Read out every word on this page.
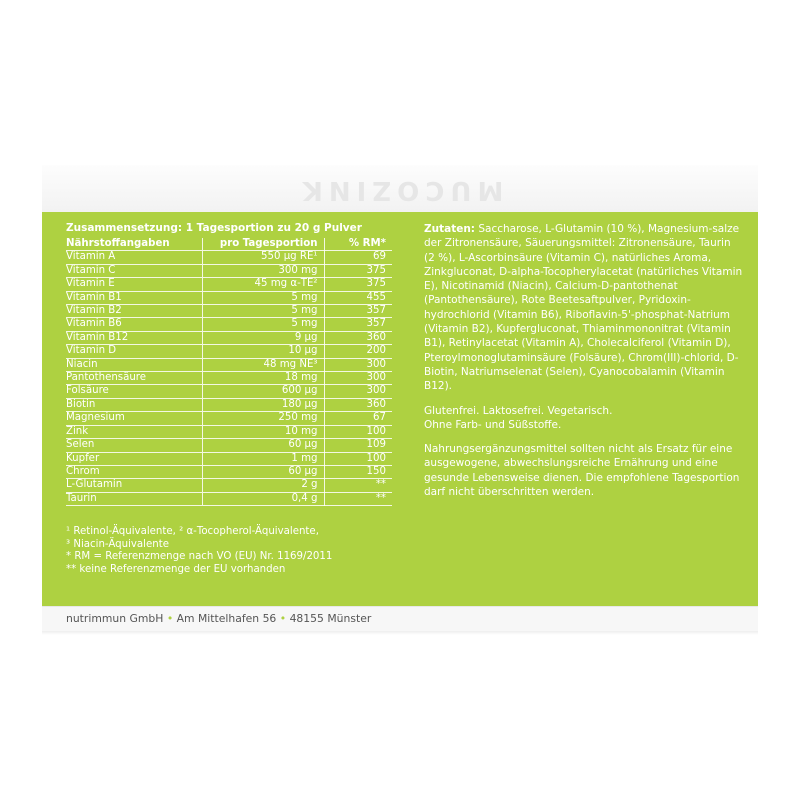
MUCOZINK
Zusammensetzung: 1 Tagesportion zu 20 g Pulver
Nährstoffangaben	pro Tagesportion	% RM*
Vitamin A	550 µg RE¹	69
Vitamin C	300 mg	375
Vitamin E	45 mg α-TE²	375
Vitamin B1	5 mg	455
Vitamin B2	5 mg	357
Vitamin B6	5 mg	357
Vitamin B12	9 µg	360
Vitamin D	10 µg	200
Niacin	48 mg NE³	300
Pantothensäure	18 mg	300
Folsäure	600 µg	300
Biotin	180 µg	360
Magnesium	250 mg	67
Zink	10 mg	100
Selen	60 µg	109
Kupfer	1 mg	100
Chrom	60 µg	150
L-Glutamin	2 g	**
Taurin	0,4 g	**
¹ Retinol-Äquivalente, ² α-Tocopherol-Äquivalente,
³ Niacin-Äquivalente
* RM = Referenzmenge nach VO (EU) Nr. 1169/2011
** keine Referenzmenge der EU vorhanden

Zutaten: Saccharose, L-Glutamin (10 %), Magnesium-salze der Zitronensäure, Säuerungsmittel: Zitronensäure, Taurin (2 %), L-Ascorbinsäure (Vitamin C), natürliches Aroma, Zinkgluconat, D-alpha-Tocopherylacetat (natürliches Vitamin E), Nicotinamid (Niacin), Calcium-D-pantothenat (Pantothensäure), Rote Beetesaftpulver, Pyridoxin-hydrochlorid (Vitamin B6), Riboflavin-5'-phosphat-Natrium (Vitamin B2), Kupfergluconat, Thiaminmononitrat (Vitamin B1), Retinylacetat (Vitamin A), Cholecalciferol (Vitamin D), Pteroylmonoglutaminsäure (Folsäure), Chrom(III)-chlorid, D-Biotin, Natriumselenat (Selen), Cyanocobalamin (Vitamin B12).

Glutenfrei. Laktosefrei. Vegetarisch.
Ohne Farb- und Süßstoffe.

Nahrungsergänzungsmittel sollten nicht als Ersatz für eine ausgewogene, abwechslungsreiche Ernährung und eine gesunde Lebensweise dienen. Die empfohlene Tagesportion darf nicht überschritten werden.

nutrimmun GmbH • Am Mittelhafen 56 • 48155 Münster
